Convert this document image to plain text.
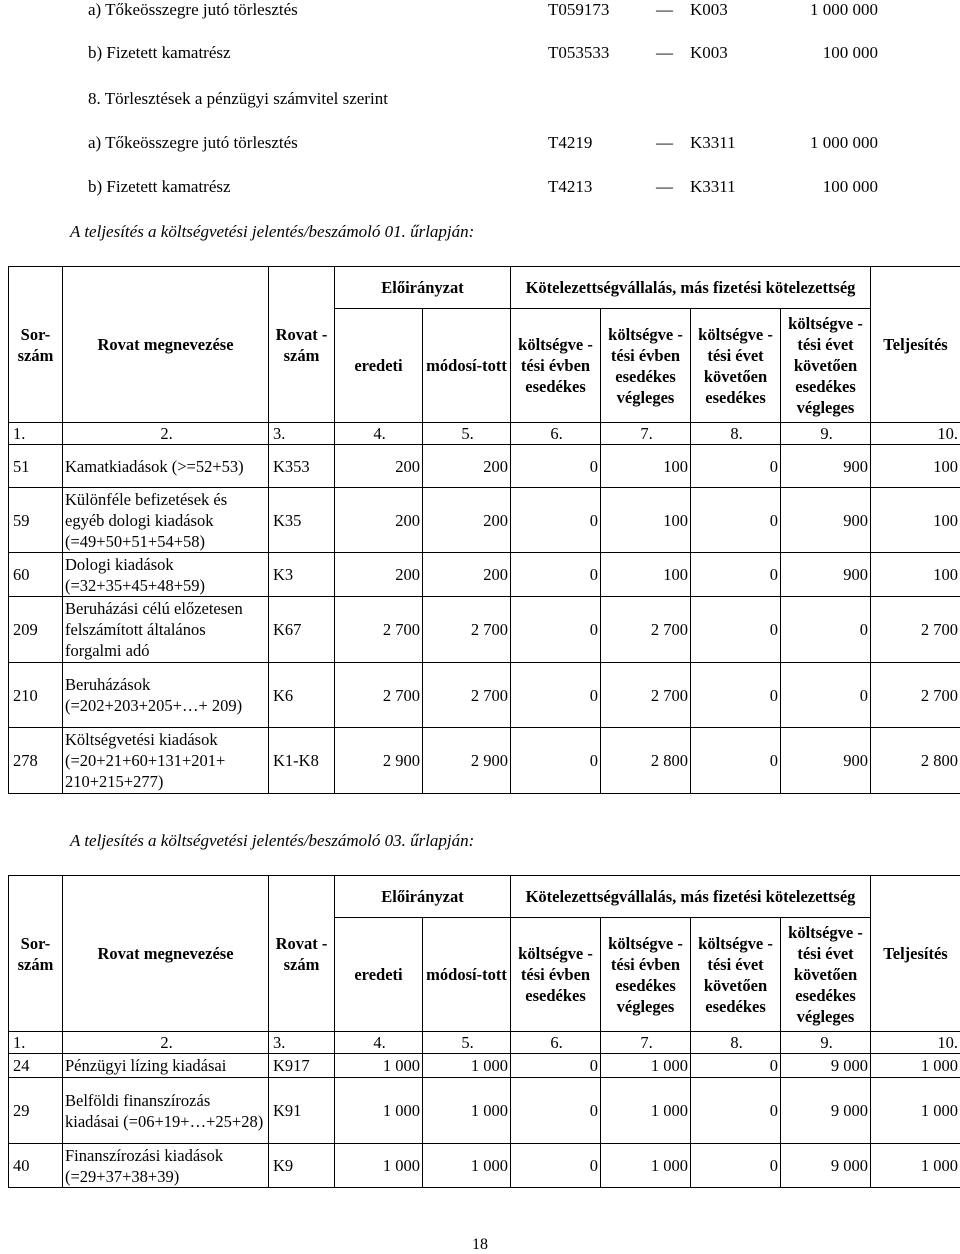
a) Tőkeösszegre jutó törlesztés	T059173	— K003	1 000 000
b) Fizetett kamatrész	T053533	— K003	100 000
8. Törlesztések a pénzügyi számvitel szerint
a) Tőkeösszegre jutó törlesztés	T4219	— K3311	1 000 000
b) Fizetett kamatrész	T4213	— K3311	100 000
A teljesítés a költségvetési jelentés/beszámoló 01. űrlapján:
Sor-szám	Rovat megnevezése	Rovat -szám	Előirányzat		Kötelezettségvállalás, más fizetési kötelezettség				Teljesítés
			eredeti	módosí-tott	költségve -tési évben esedékes	költségve -tési évben esedékes végleges	költségve -tési évet követően esedékes	költségve -tési évet követően esedékes végleges	
1.	2.	3.	4.	5.	6.	7.	8.	9.	10.
51	Kamatkiadások (>=52+53)	K353	200	200	0	100	0	900	100
59	Különféle befizetések és egyéb dologi kiadások (=49+50+51+54+58)	K35	200	200	0	100	0	900	100
60	Dologi kiadások (=32+35+45+48+59)	K3	200	200	0	100	0	900	100
209	Beruházási célú előzetesen felszámított általános forgalmi adó	K67	2 700	2 700	0	2 700	0	0	2 700
210	Beruházások (=202+203+205+…+ 209)	K6	2 700	2 700	0	2 700	0	0	2 700
278	Költségvetési kiadások (=20+21+60+131+201+ 210+215+277)	K1-K8	2 900	2 900	0	2 800	0	900	2 800
A teljesítés a költségvetési jelentés/beszámoló 03. űrlapján:
Sor-szám	Rovat megnevezése	Rovat -szám	Előirányzat		Kötelezettségvállalás, más fizetési kötelezettség				Teljesítés
			eredeti	módosí-tott	költségve -tési évben esedékes	költségve -tési évben esedékes végleges	költségve -tési évet követően esedékes	költségve -tési évet követően esedékes végleges	
1.	2.	3.	4.	5.	6.	7.	8.	9.	10.
24	Pénzügyi lízing kiadásai	K917	1 000	1 000	0	1 000	0	9 000	1 000
29	Belföldi finanszírozás kiadásai (=06+19+…+25+28)	K91	1 000	1 000	0	1 000	0	9 000	1 000
40	Finanszírozási kiadások (=29+37+38+39)	K9	1 000	1 000	0	1 000	0	9 000	1 000
18
